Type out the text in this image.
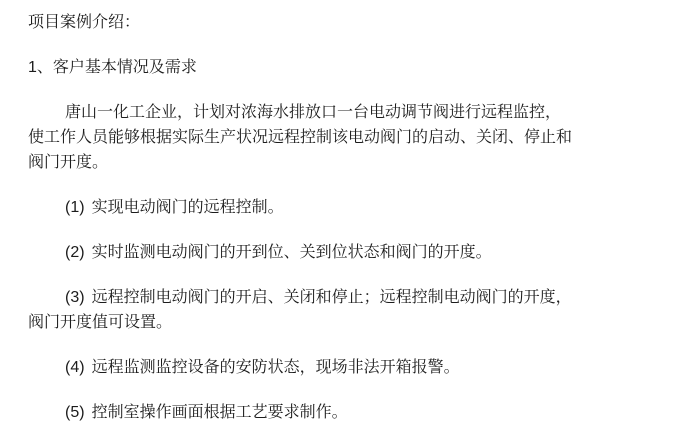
项目案例介绍：

1、客户基本情况及需求

唐山一化工企业，计划对浓海水排放口一台电动调节阀进行远程监控，
使工作人员能够根据实际生产状况远程控制该电动阀门的启动、关闭、停止和
阀门开度。
(1) 实现电动阀门的远程控制。
(2) 实时监测电动阀门的开到位、关到位状态和阀门的开度。
(3) 远程控制电动阀门的开启、关闭和停止；远程控制电动阀门的开度，
阀门开度值可设置。
(4) 远程监测监控设备的安防状态，现场非法开箱报警。
(5) 控制室操作画面根据工艺要求制作。
